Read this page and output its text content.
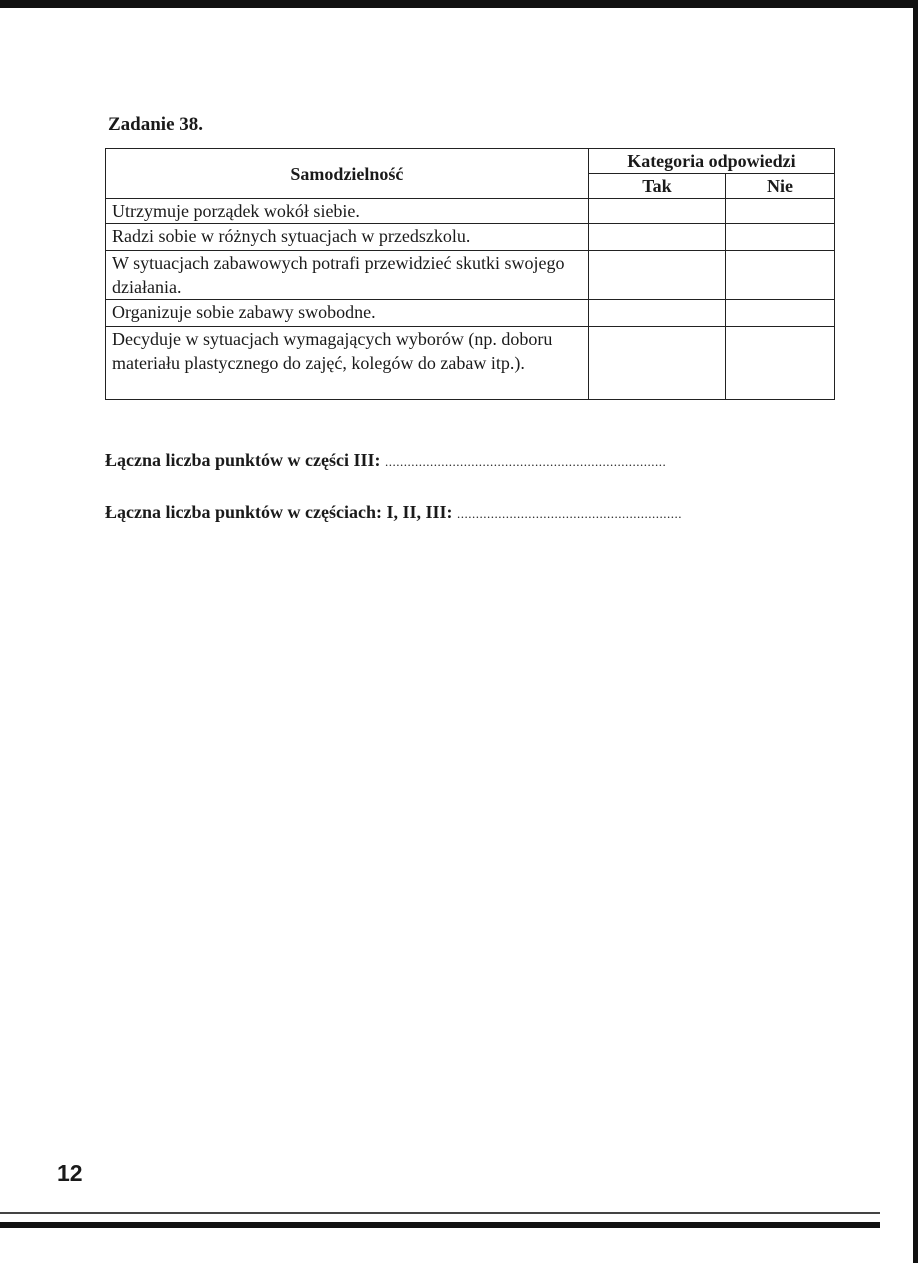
Zadanie 38.
Samodzielność	Kategoria odpowiedzi	
	Tak	Nie
Utrzymuje porządek wokół siebie.		
Radzi sobie w różnych sytuacjach w przedszkolu.		
W sytuacjach zabawowych potrafi przewidzieć skutki swojego działania.		
Organizuje sobie zabawy swobodne.		
Decyduje w sytuacjach wymagających wyborów (np. doboru materiału plastycznego do zajęć, kolegów do zabaw itp.).		
Łączna liczba punktów w części III: ...........................................................................
Łączna liczba punktów w częściach: I, II, III: ............................................................
12
